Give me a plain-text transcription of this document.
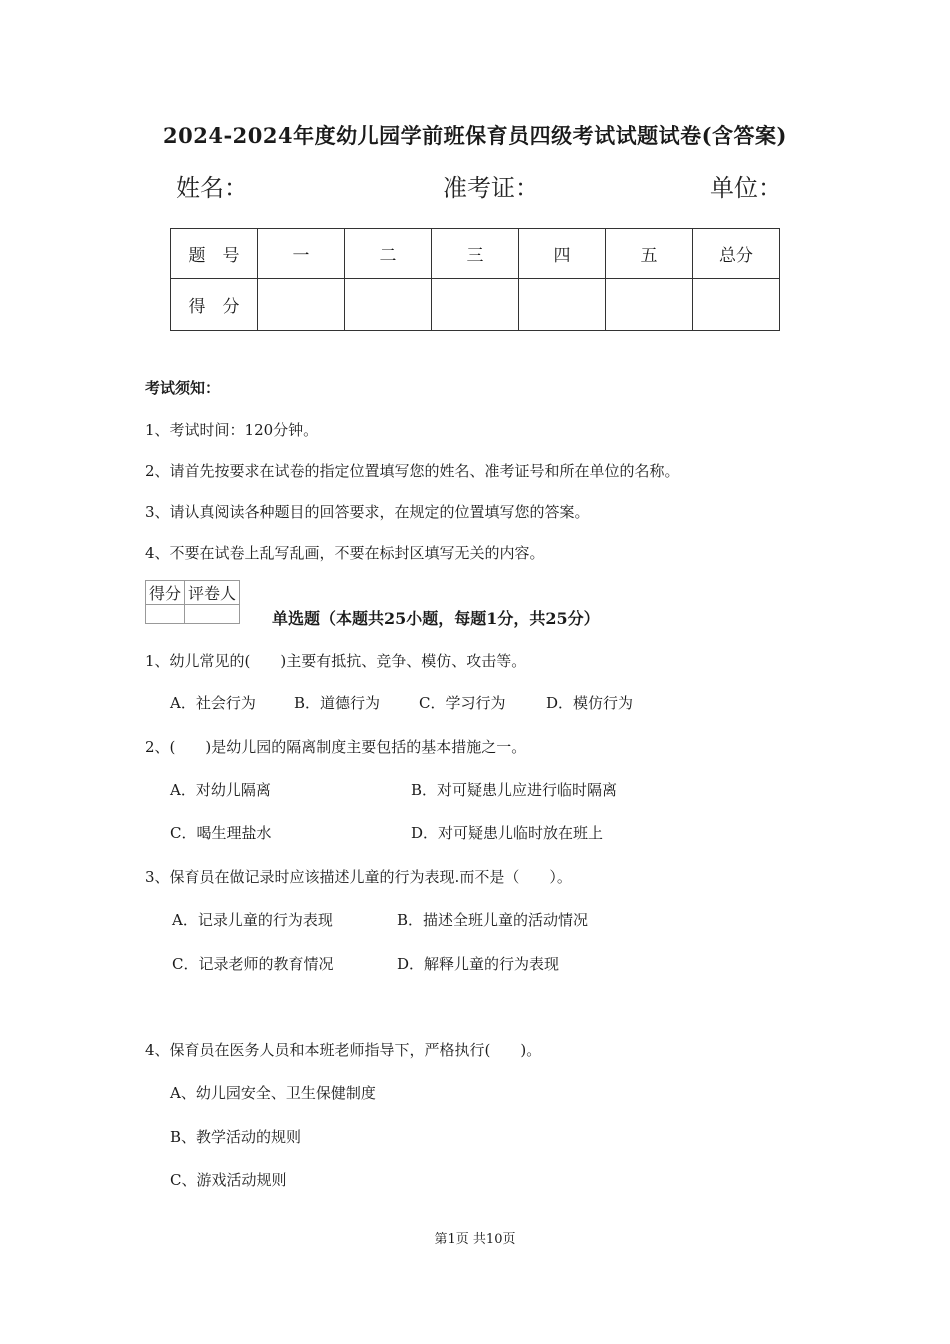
2024-2024年度幼儿园学前班保育员四级考试试题试卷(含答案)
姓名：	准考证：	单位：
题　号	一	二	三	四	五	总分
得　分						
考试须知：
1、考试时间：120分钟。
2、请首先按要求在试卷的指定位置填写您的姓名、准考证号和所在单位的名称。
3、请认真阅读各种题目的回答要求，在规定的位置填写您的答案。
4、不要在试卷上乱写乱画，不要在标封区填写无关的内容。
得分	评卷人

单选题（本题共25小题，每题1分，共25分）
1、幼儿常见的(　　)主要有抵抗、竞争、模仿、攻击等。
A．社会行为	B．道德行为	C．学习行为	D．模仿行为
2、(　　)是幼儿园的隔离制度主要包括的基本措施之一。
A．对幼儿隔离	B．对可疑患儿应进行临时隔离
C．喝生理盐水	D．对可疑患儿临时放在班上
3、保育员在做记录时应该描述儿童的行为表现.而不是（　　）。
A．记录儿童的行为表现	B．描述全班儿童的活动情况
C．记录老师的教育情况	D．解释儿童的行为表现
4、保育员在医务人员和本班老师指导下，严格执行(　　)。
A、幼儿园安全、卫生保健制度
B、教学活动的规则
C、游戏活动规则
第1页 共10页
